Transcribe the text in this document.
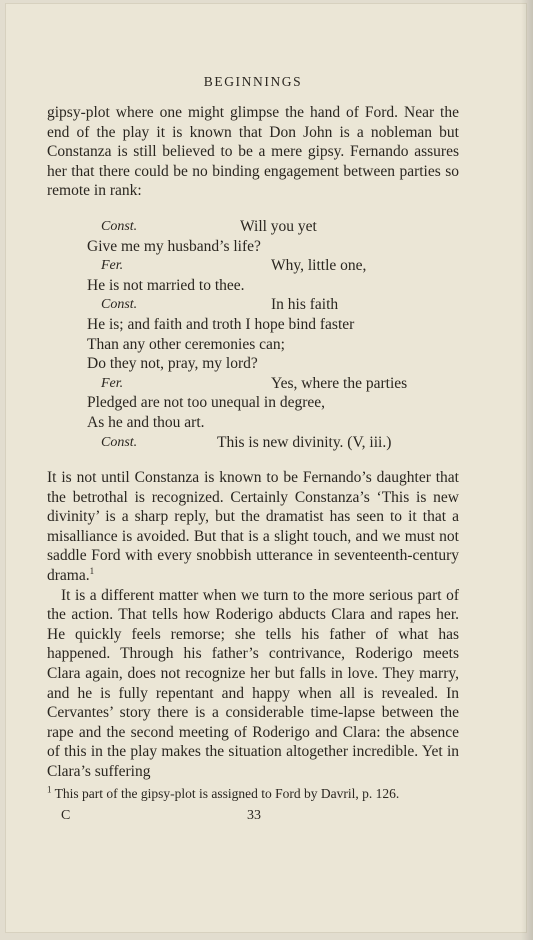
BEGINNINGS

gipsy-plot where one might glimpse the hand of Ford. Near the end of the play it is known that Don John is a nobleman but Constanza is still believed to be a mere gipsy. Fernando assures her that there could be no binding engagement between parties so remote in rank:

Const.	Will you yet
Give me my husband’s life?
Fer.	Why, little one,
He is not married to thee.
Const.	In his faith
He is; and faith and troth I hope bind faster
Than any other ceremonies can;
Do they not, pray, my lord?
Fer.	Yes, where the parties
Pledged are not too unequal in degree,
As he and thou art.
Const.	This is new divinity. (V, iii.)

It is not until Constanza is known to be Fernando’s daughter that the betrothal is recognized. Certainly Constanza’s ‘This is new divinity’ is a sharp reply, but the dramatist has seen to it that a misalliance is avoided. But that is a slight touch, and we must not saddle Ford with every snobbish utterance in seventeenth-century drama.$^1$

It is a different matter when we turn to the more serious part of the action. That tells how Roderigo abducts Clara and rapes her. He quickly feels remorse; she tells his father of what has happened. Through his father’s contrivance, Roderigo meets Clara again, does not recognize her but falls in love. They marry, and he is fully repentant and happy when all is revealed. In Cervantes’ story there is a considerable time-lapse between the rape and the second meeting of Roderigo and Clara: the absence of this in the play makes the situation altogether incredible. Yet in Clara’s suffering

$^1$ This part of the gipsy-plot is assigned to Ford by Davril, p. 126.

C	33
